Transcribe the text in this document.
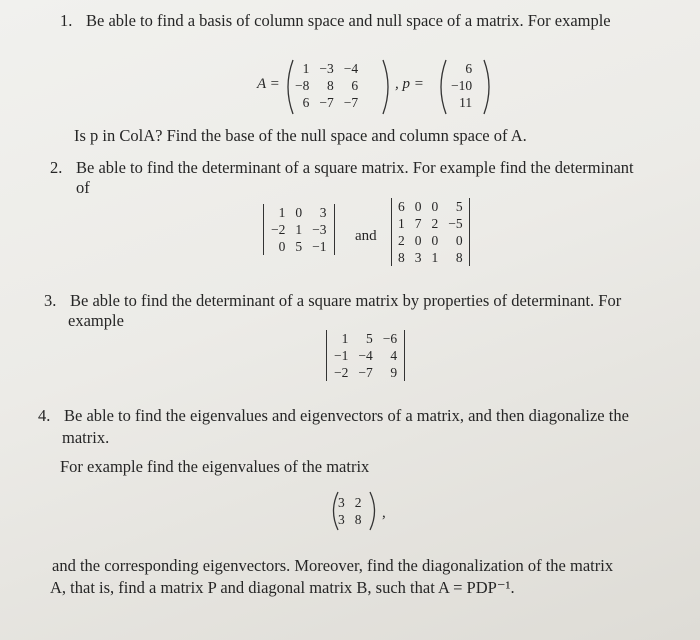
1. Be able to find a basis of column space and null space of a matrix. For example
A =
1	−3	−4
−8	8	6
6	−7	−7
, p =
6
−10
11
Is p in ColA? Find the base of the null space and column space of A.
2. Be able to find the determinant of a square matrix. For example find the determinant
of
1	0	3
−2	1	−3
0	5	−1
and
6	0	0	5
1	7	2	−5
2	0	0	0
8	3	1	8
3. Be able to find the determinant of a square matrix by properties of determinant. For
example
1	5	−6
−1	−4	4
−2	−7	9
4. Be able to find the eigenvalues and eigenvectors of a matrix, and then diagonalize the
matrix.
For example find the eigenvalues of the matrix
3	2
3	8 ,
and the corresponding eigenvectors. Moreover, find the diagonalization of the matrix
A, that is, find a matrix P and diagonal matrix B, such that A = PDP⁻¹.
